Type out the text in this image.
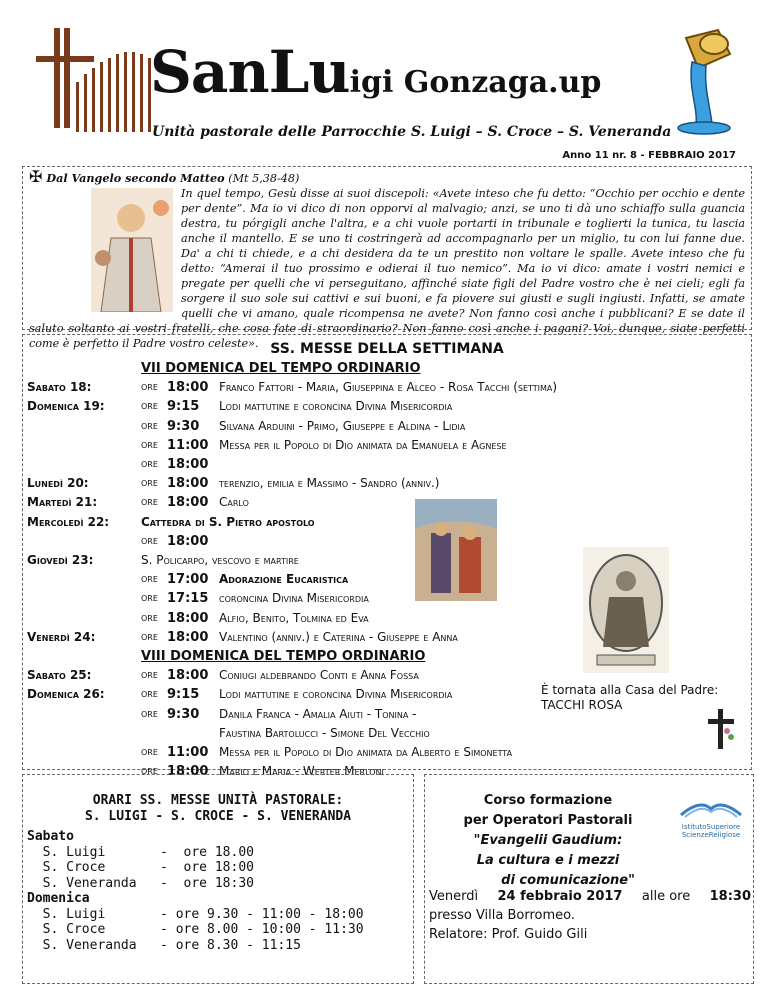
SanLuigi Gonzaga.up
Unità pastorale delle Parrocchie S. Luigi – S. Croce – S. Veneranda
Anno 11 nr. 8 - FEBBRAIO 2017
✠ Dal Vangelo secondo Matteo (Mt 5,38-48)

In quel tempo, Gesù disse ai suoi discepoli: «Avete inteso che fu detto: “Occhio per occhio e dente per dente”. Ma io vi dico di non opporvi al malvagio; anzi, se uno ti dà uno schiaffo sulla guancia destra, tu pórgigli anche l'altra, e a chi vuole portarti in tribunale e toglierti la tunica, tu lascia anche il mantello. E se uno ti costringerà ad accompagnarlo per un miglio, tu con lui fanne due. Da' a chi ti chiede, e a chi desidera da te un prestito non voltare le spalle. Avete inteso che fu detto: “Amerai il tuo prossimo e odierai il tuo nemico”. Ma io vi dico: amate i vostri nemici e pregate per quelli che vi perseguitano, affinché siate figli del Padre vostro che è nei cieli; egli fa sorgere il suo sole sui cattivi e sui buoni, e fa piovere sui giusti e sugli ingiusti. Infatti, se amate quelli che vi amano, quale ricompensa ne avete? Non fanno così anche i pubblicani? E se date il saluto soltanto ai vostri fratelli, che cosa fate di straordinario? Non fanno così anche i pagani? Voi, dunque, siate perfetti come è perfetto il Padre vostro celeste». SS. MESSE DELLA SETTIMANA
VII DOMENICA DEL TEMPO ORDINARIO
Sabato 18:	ore 18:00 Franco Fattori - Maria, Giuseppina e Alceo - Rosa Tacchi (settima)
Domenica 19:	ore 9:15 Lodi mattutine e coroncina Divina Misericordia
ore 9:30 Silvana Arduini - Primo, Giuseppe e Aldina - Lidia
ore 11:00 Messa per il Popolo di Dio animata da Emanuela e Agnese
ore 18:00
Lunedì 20:	ore 18:00 terenzio, emilia e Massimo - Sandro (anniv.)
Martedì 21:	ore 18:00 Carlo
Mercoledì 22:	Cattedra di S. Pietro apostolo
ore 18:00
Giovedì 23:	S. Policarpo, vescovo e martire
ore 17:00 Adorazione Eucaristica
ore 17:15 coroncina Divina Misericordia
ore 18:00 Alfio, Benito, Tolmina ed Eva
Venerdì 24:	ore 18:00 Valentino (anniv.) e Caterina - Giuseppe e Anna
VIII DOMENICA DEL TEMPO ORDINARIO
Sabato 25:	ore 18:00 Coniugi aldebrando Conti e Anna Fossa
Domenica 26:	ore 9:15 Lodi mattutine e coroncina Divina Misericordia
ore 9:30 Danila Franca - Amalia Aiuti - Tonina -
Faustina Bartolucci - Simone Del Vecchio
ore 11:00 Messa per il Popolo di Dio animata da Alberto e Simonetta
ore 18:00 Mario e Maria - Werter Merloni
È tornata alla Casa del Padre:
TACCHI ROSA
ORARI SS. MESSE UNITÀ PASTORALE:
S. LUIGI - S. CROCE - S. VENERANDA
Sabato
S. Luigi       -  ore 18.00
S. Croce       -  ore 18:00
S. Veneranda   -  ore 18:30
Domenica
S. Luigi       - ore 9.30 - 11:00 - 18:00
S. Croce       - ore 8.00 - 10:00 - 11:30
S. Veneranda   - ore 8.30 - 11:15
Corso formazione
per Operatori Pastorali
"Evangelii Gaudium:
La cultura e i mezzi
di comunicazione"
IstitutoSuperiore
ScienzeReligiose
Venerdì 24 febbraio 2017 alle ore 18:30
presso Villa Borromeo.
Relatore: Prof. Guido Gili
